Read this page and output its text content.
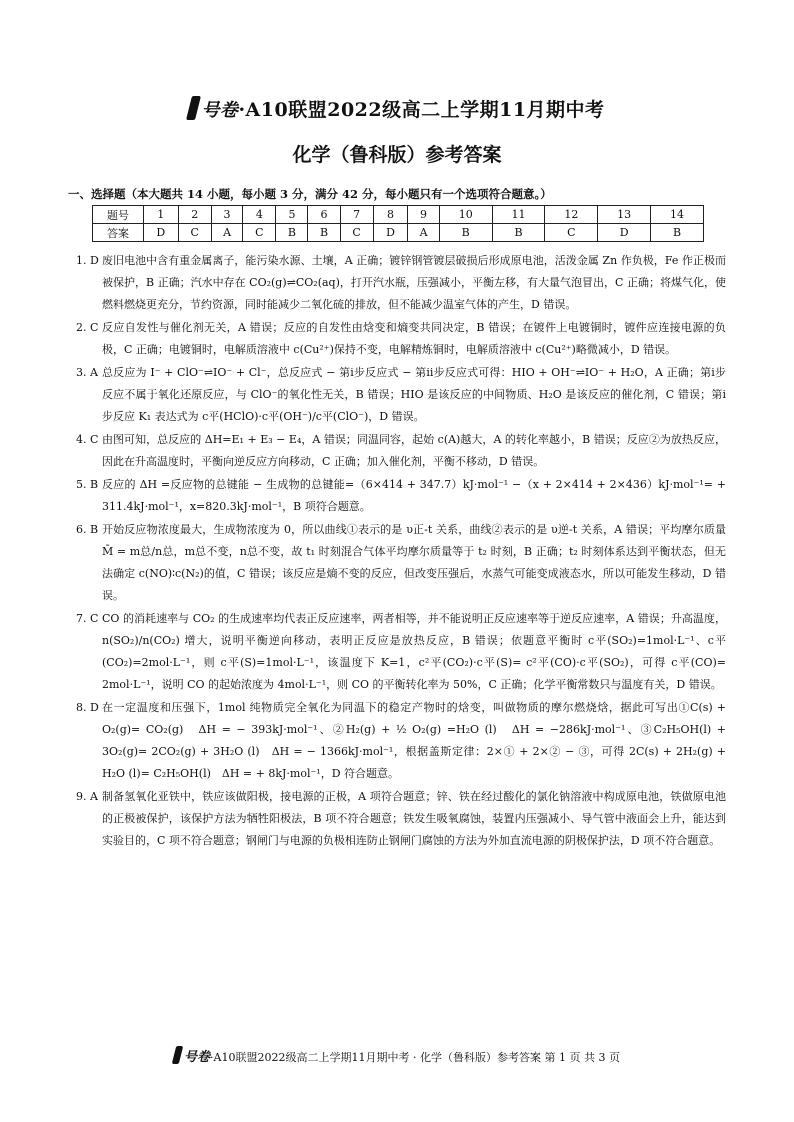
号卷·A10联盟2022级高二上学期11月期中考
化学（鲁科版）参考答案
一、选择题（本大题共 14 小题，每小题 3 分，满分 42 分，每小题只有一个选项符合题意。）
题号	1	2	3	4	5	6	7	8	9	10	11	12	13	14
答案	D	C	A	C	B	B	C	D	A	B	B	C	D	B
1. D 废旧电池中含有重金属离子，能污染水源、土壤，A 正确；镀锌钢管镀层破损后形成原电池，活泼金属 Zn 作负极，Fe 作正极而被保护，B 正确；汽水中存在 CO₂(g)⇌CO₂(aq)，打开汽水瓶，压强减小，平衡左移，有大量气泡冒出，C 正确；将煤气化，使燃料燃烧更充分，节约资源，同时能减少二氧化硫的排放，但不能减少温室气体的产生，D 错误。
2. C 反应自发性与催化剂无关，A 错误；反应的自发性由焓变和熵变共同决定，B 错误；在镀件上电镀铜时，镀件应连接电源的负极，C 正确；电镀铜时，电解质溶液中 c(Cu²⁺)保持不变，电解精炼铜时，电解质溶液中 c(Cu²⁺)略微减小，D 错误。
3. A 总反应为 I⁻ + ClO⁻⇌IO⁻ + Cl⁻，总反应式 − 第i步反应式 − 第ii步反应式可得：HIO + OH⁻⇌IO⁻ + H₂O，A 正确；第i步反应不属于氧化还原反应，与 ClO⁻的氧化性无关，B 错误；HIO 是该反应的中间物质、H₂O 是该反应的催化剂，C 错误；第i步反应 K₁ 表达式为 c平(HClO)·c平(OH⁻)/c平(ClO⁻)，D 错误。
4. C 由图可知，总反应的 ΔH=E₁ + E₃ − E₄，A 错误；同温同容，起始 c(A)越大，A 的转化率越小，B 错误；反应②为放热反应，因此在升高温度时，平衡向逆反应方向移动，C 正确；加入催化剂，平衡不移动，D 错误。
5. B 反应的 ΔH =反应物的总键能 − 生成物的总键能=（6×414 + 347.7）kJ·mol⁻¹ −（x + 2×414 + 2×436）kJ·mol⁻¹= + 311.4kJ·mol⁻¹，x=820.3kJ·mol⁻¹，B 项符合题意。
6. B 开始反应物浓度最大，生成物浓度为 0，所以曲线①表示的是 υ正-t 关系，曲线②表示的是 υ逆-t 关系，A 错误；平均摩尔质量 M̄ = m总/n总，m总不变，n总不变，故 t₁ 时刻混合气体平均摩尔质量等于 t₂ 时刻，B 正确；t₂ 时刻体系达到平衡状态，但无法确定 c(NO)∶c(N₂)的值，C 错误；该反应是熵不变的反应，但改变压强后，水蒸气可能变成液态水，所以可能发生移动，D 错误。
7. C CO 的消耗速率与 CO₂ 的生成速率均代表正反应速率，两者相等，并不能说明正反应速率等于逆反应速率，A 错误；升高温度，n(SO₂)/n(CO₂) 增大，说明平衡逆向移动，表明正反应是放热反应，B 错误；依题意平衡时 c平(SO₂)=1mol·L⁻¹、c平(CO₂)=2mol·L⁻¹，则 c平(S)=1mol·L⁻¹，该温度下 K=1，c²平(CO₂)·c平(S)= c²平(CO)·c平(SO₂)，可得 c平(CO)= 2mol·L⁻¹，说明 CO 的起始浓度为 4mol·L⁻¹，则 CO 的平衡转化率为 50%，C 正确；化学平衡常数只与温度有关，D 错误。
8. D 在一定温度和压强下，1mol 纯物质完全氧化为同温下的稳定产物时的焓变，叫做物质的摩尔燃烧焓，据此可写出①C(s) + O₂(g)= CO₂(g)　ΔH = − 393kJ·mol⁻¹、②H₂(g) + ½ O₂(g) =H₂O (l)　ΔH = −286kJ·mol⁻¹、③C₂H₅OH(l) + 3O₂(g)= 2CO₂(g) + 3H₂O (l)　ΔH = − 1366kJ·mol⁻¹，根据盖斯定律：2×① + 2×② − ③，可得 2C(s) + 2H₂(g) + H₂O (l)= C₂H₅OH(l)　ΔH = + 8kJ·mol⁻¹，D 符合题意。
9. A 制备氢氧化亚铁中，铁应该做阳极，接电源的正极，A 项符合题意；锌、铁在经过酸化的氯化钠溶液中构成原电池，铁做原电池的正极被保护，该保护方法为牺牲阳极法，B 项不符合题意；铁发生吸氧腐蚀，装置内压强减小、导气管中液面会上升，能达到实验目的，C 项不符合题意；钢闸门与电源的负极相连防止钢闸门腐蚀的方法为外加直流电源的阴极保护法，D 项不符合题意。
号卷·A10联盟2022级高二上学期11月期中考 · 化学（鲁科版）参考答案 第 1 页 共 3 页
